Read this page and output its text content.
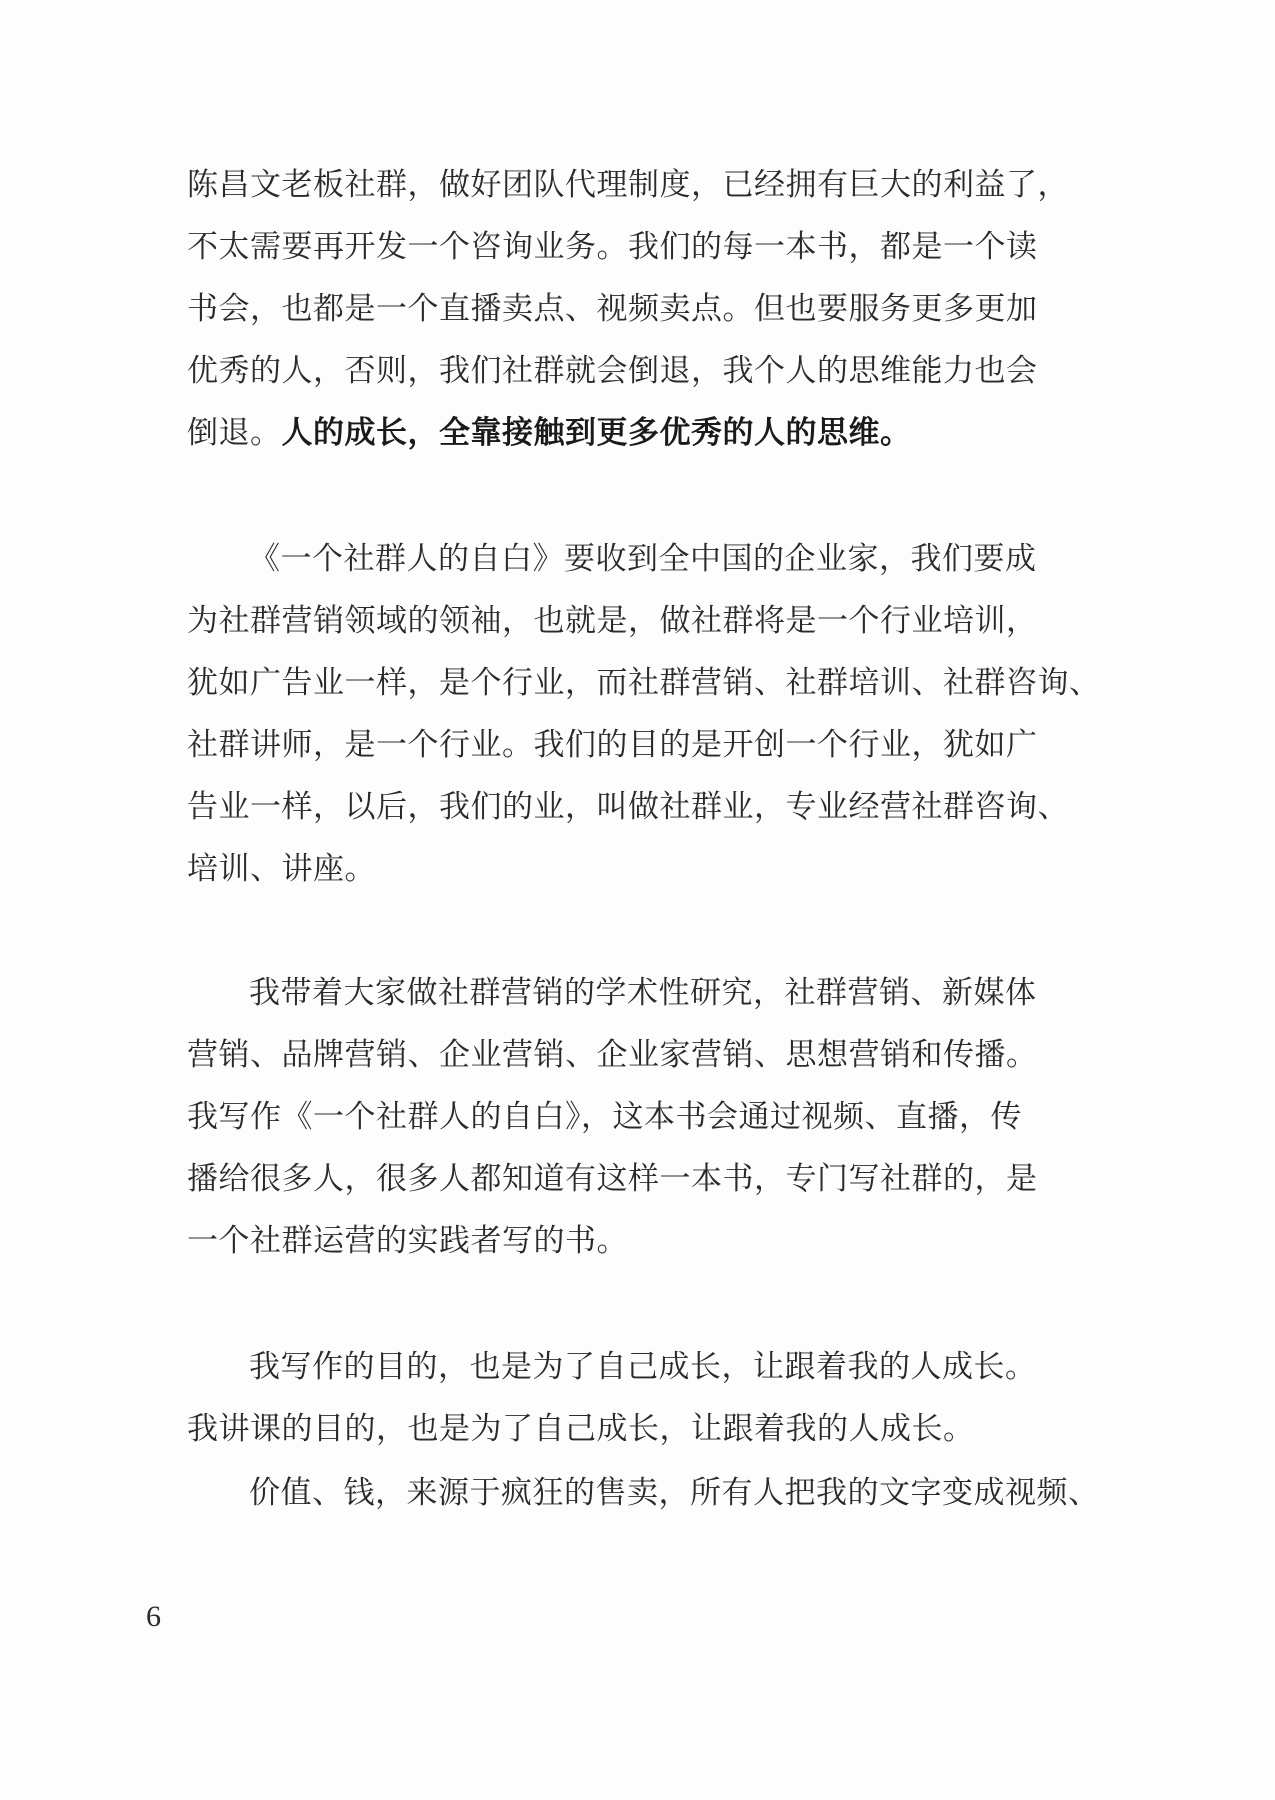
陈昌文老板社群，做好团队代理制度，已经拥有巨大的利益了，
不太需要再开发一个咨询业务。我们的每一本书，都是一个读
书会，也都是一个直播卖点、视频卖点。但也要服务更多更加
优秀的人，否则，我们社群就会倒退，我个人的思维能力也会
倒退。人的成长，全靠接触到更多优秀的人的思维。
《一个社群人的自白》要收到全中国的企业家，我们要成
为社群营销领域的领袖，也就是，做社群将是一个行业培训，
犹如广告业一样，是个行业，而社群营销、社群培训、社群咨询、
社群讲师，是一个行业。我们的目的是开创一个行业，犹如广
告业一样，以后，我们的业，叫做社群业，专业经营社群咨询、
培训、讲座。
我带着大家做社群营销的学术性研究，社群营销、新媒体
营销、品牌营销、企业营销、企业家营销、思想营销和传播。
我写作《一个社群人的自白》，这本书会通过视频、直播，传
播给很多人，很多人都知道有这样一本书，专门写社群的，是
一个社群运营的实践者写的书。
我写作的目的，也是为了自己成长，让跟着我的人成长。
我讲课的目的，也是为了自己成长，让跟着我的人成长。
价值、钱，来源于疯狂的售卖，所有人把我的文字变成视频、
6
